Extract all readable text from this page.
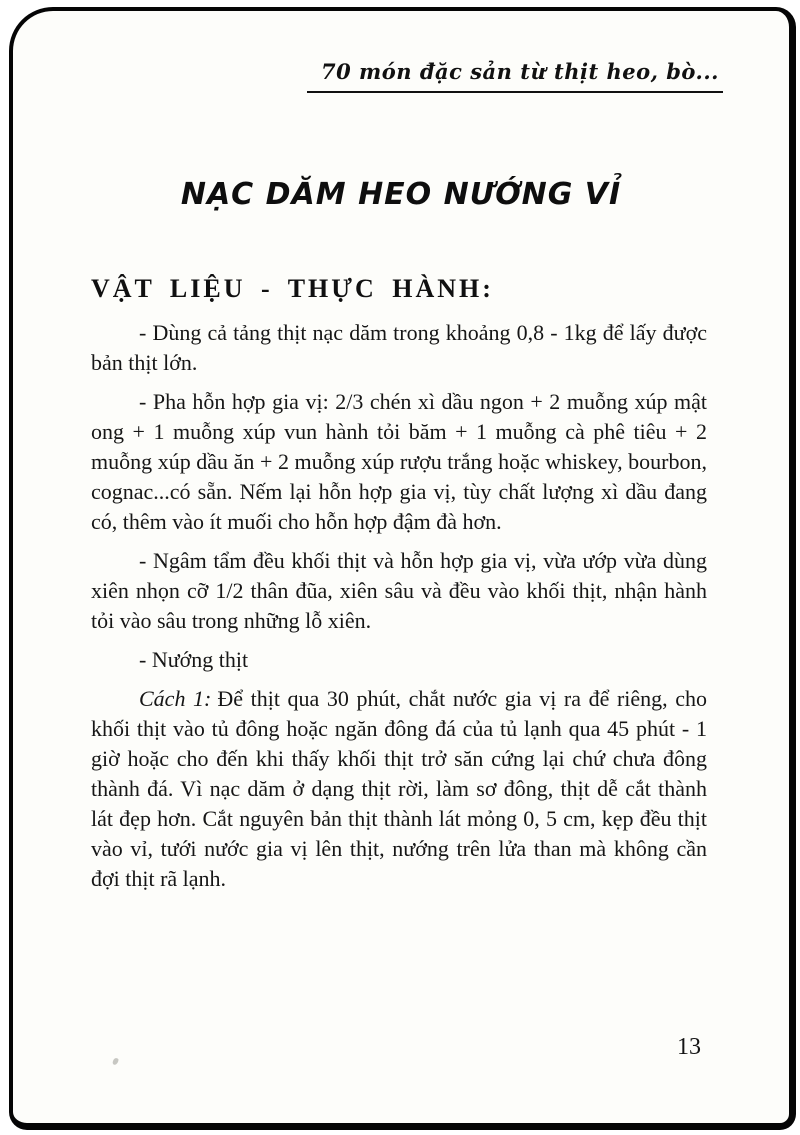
70 món đặc sản từ thịt heo, bò...
NẠC DĂM HEO NƯỚNG VỈ
VẬT LIỆU - THỰC HÀNH:

- Dùng cả tảng thịt nạc dăm trong khoảng 0,8 - 1kg để lấy được bản thịt lớn.

- Pha hỗn hợp gia vị: 2/3 chén xì dầu ngon + 2 muỗng xúp mật ong + 1 muỗng xúp vun hành tỏi băm + 1 muỗng cà phê tiêu + 2 muỗng xúp dầu ăn + 2 muỗng xúp rượu trắng hoặc whiskey, bourbon, cognac...có sẵn. Nếm lại hỗn hợp gia vị, tùy chất lượng xì dầu đang có, thêm vào ít muối cho hỗn hợp đậm đà hơn.

- Ngâm tẩm đều khối thịt và hỗn hợp gia vị, vừa ướp vừa dùng xiên nhọn cỡ 1/2 thân đũa, xiên sâu và đều vào khối thịt, nhận hành tỏi vào sâu trong những lỗ xiên.

- Nướng thịt

Cách 1: Để thịt qua 30 phút, chắt nước gia vị ra để riêng, cho khối thịt vào tủ đông hoặc ngăn đông đá của tủ lạnh qua 45 phút - 1 giờ hoặc cho đến khi thấy khối thịt trở săn cứng lại chứ chưa đông thành đá. Vì nạc dăm ở dạng thịt rời, làm sơ đông, thịt dễ cắt thành lát đẹp hơn. Cắt nguyên bản thịt thành lát mỏng 0, 5 cm, kẹp đều thịt vào vỉ, tưới nước gia vị lên thịt, nướng trên lửa than mà không cần đợi thịt rã lạnh.

13
